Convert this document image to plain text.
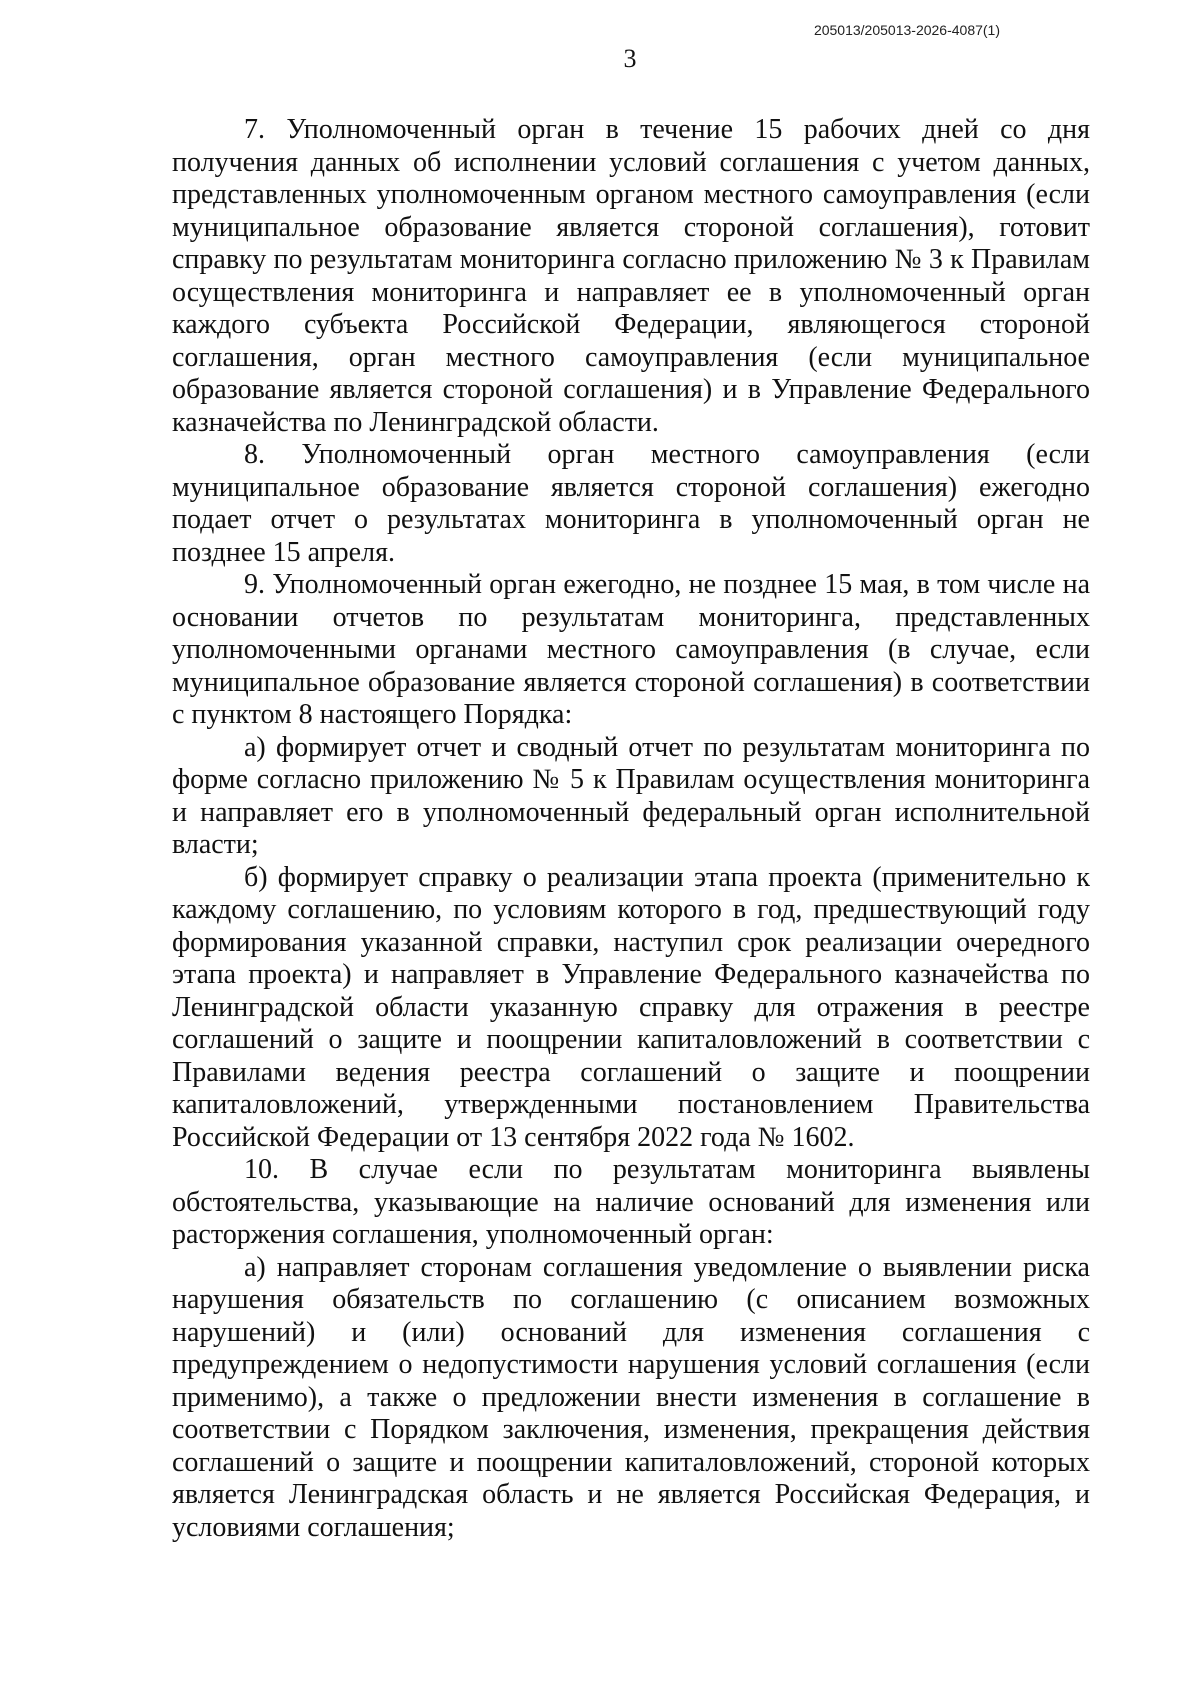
205013/205013-2026-4087(1)
3

7. Уполномоченный орган в течение 15 рабочих дней со дня получения данных об исполнении условий соглашения с учетом данных, представленных уполномоченным органом местного самоуправления (если муниципальное образование является стороной соглашения), готовит справку по результатам мониторинга согласно приложению № 3 к Правилам осуществления мониторинга и направляет ее в уполномоченный орган каждого субъекта Российской Федерации, являющегося стороной соглашения, орган местного самоуправления (если муниципальное образование является стороной соглашения) и в Управление Федерального казначейства по Ленинградской области.

8. Уполномоченный орган местного самоуправления (если муниципальное образование является стороной соглашения) ежегодно подает отчет о результатах мониторинга в уполномоченный орган не позднее 15 апреля.

9. Уполномоченный орган ежегодно, не позднее 15 мая, в том числе на основании отчетов по результатам мониторинга, представленных уполномоченными органами местного самоуправления (в случае, если муниципальное образование является стороной соглашения) в соответствии с пунктом 8 настоящего Порядка:

а) формирует отчет и сводный отчет по результатам мониторинга по форме согласно приложению № 5 к Правилам осуществления мониторинга и направляет его в уполномоченный федеральный орган исполнительной власти;

б) формирует справку о реализации этапа проекта (применительно к каждому соглашению, по условиям которого в год, предшествующий году формирования указанной справки, наступил срок реализации очередного этапа проекта) и направляет в Управление Федерального казначейства по Ленинградской области указанную справку для отражения в реестре соглашений о защите и поощрении капиталовложений в соответствии с Правилами ведения реестра соглашений о защите и поощрении капиталовложений, утвержденными постановлением Правительства Российской Федерации от 13 сентября 2022 года № 1602.

10. В случае если по результатам мониторинга выявлены обстоятельства, указывающие на наличие оснований для изменения или расторжения соглашения, уполномоченный орган:

а) направляет сторонам соглашения уведомление о выявлении риска нарушения обязательств по соглашению (с описанием возможных нарушений) и (или) оснований для изменения соглашения с предупреждением о недопустимости нарушения условий соглашения (если применимо), а также о предложении внести изменения в соглашение в соответствии с Порядком заключения, изменения, прекращения действия соглашений о защите и поощрении капиталовложений, стороной которых является Ленинградская область и не является Российская Федерация, и условиями соглашения;
